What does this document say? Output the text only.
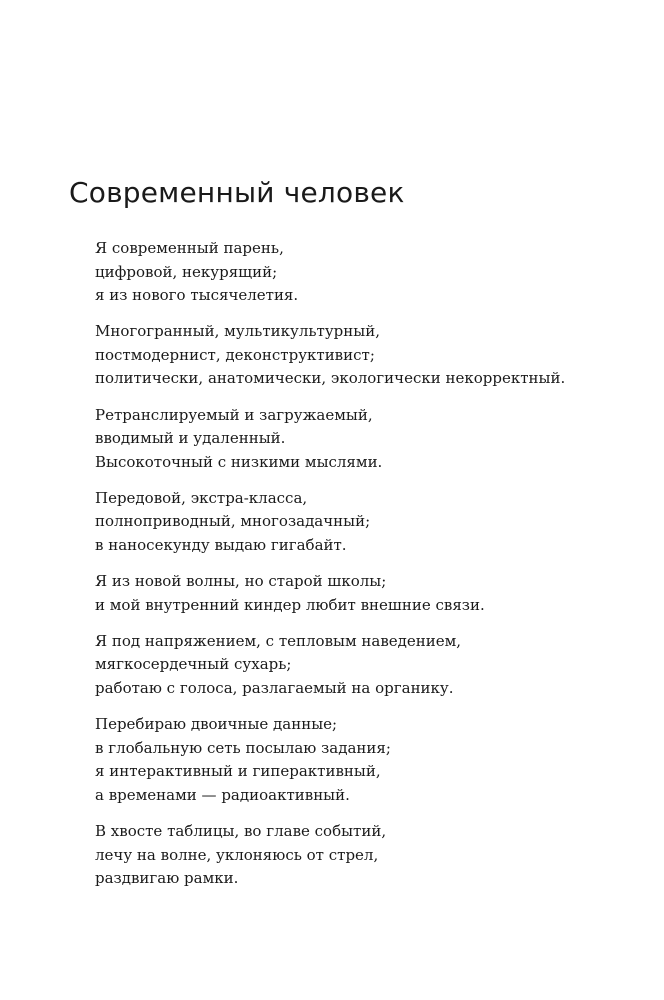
Современный человек

Я современный парень,
цифровой, некурящий;
я из нового тысячелетия.

Многогранный, мультикультурный,
постмодернист, деконструктивист;
политически, анатомически, экологически некорректный.

Ретранслируемый и загружаемый,
вводимый и удаленный.
Высокоточный с низкими мыслями.

Передовой, экстра-класса,
полноприводный, многозадачный;
в наносекунду выдаю гигабайт.

Я из новой волны, но старой школы;
и мой внутренний киндер любит внешние связи.

Я под напряжением, с тепловым наведением,
мягкосердечный сухарь;
работаю с голоса, разлагаемый на органику.

Перебираю двоичные данные;
в глобальную сеть посылаю задания;
я интерактивный и гиперактивный,
а временами — радиоактивный.

В хвосте таблицы, во главе событий,
лечу на волне, уклоняюсь от стрел,
раздвигаю рамки.
